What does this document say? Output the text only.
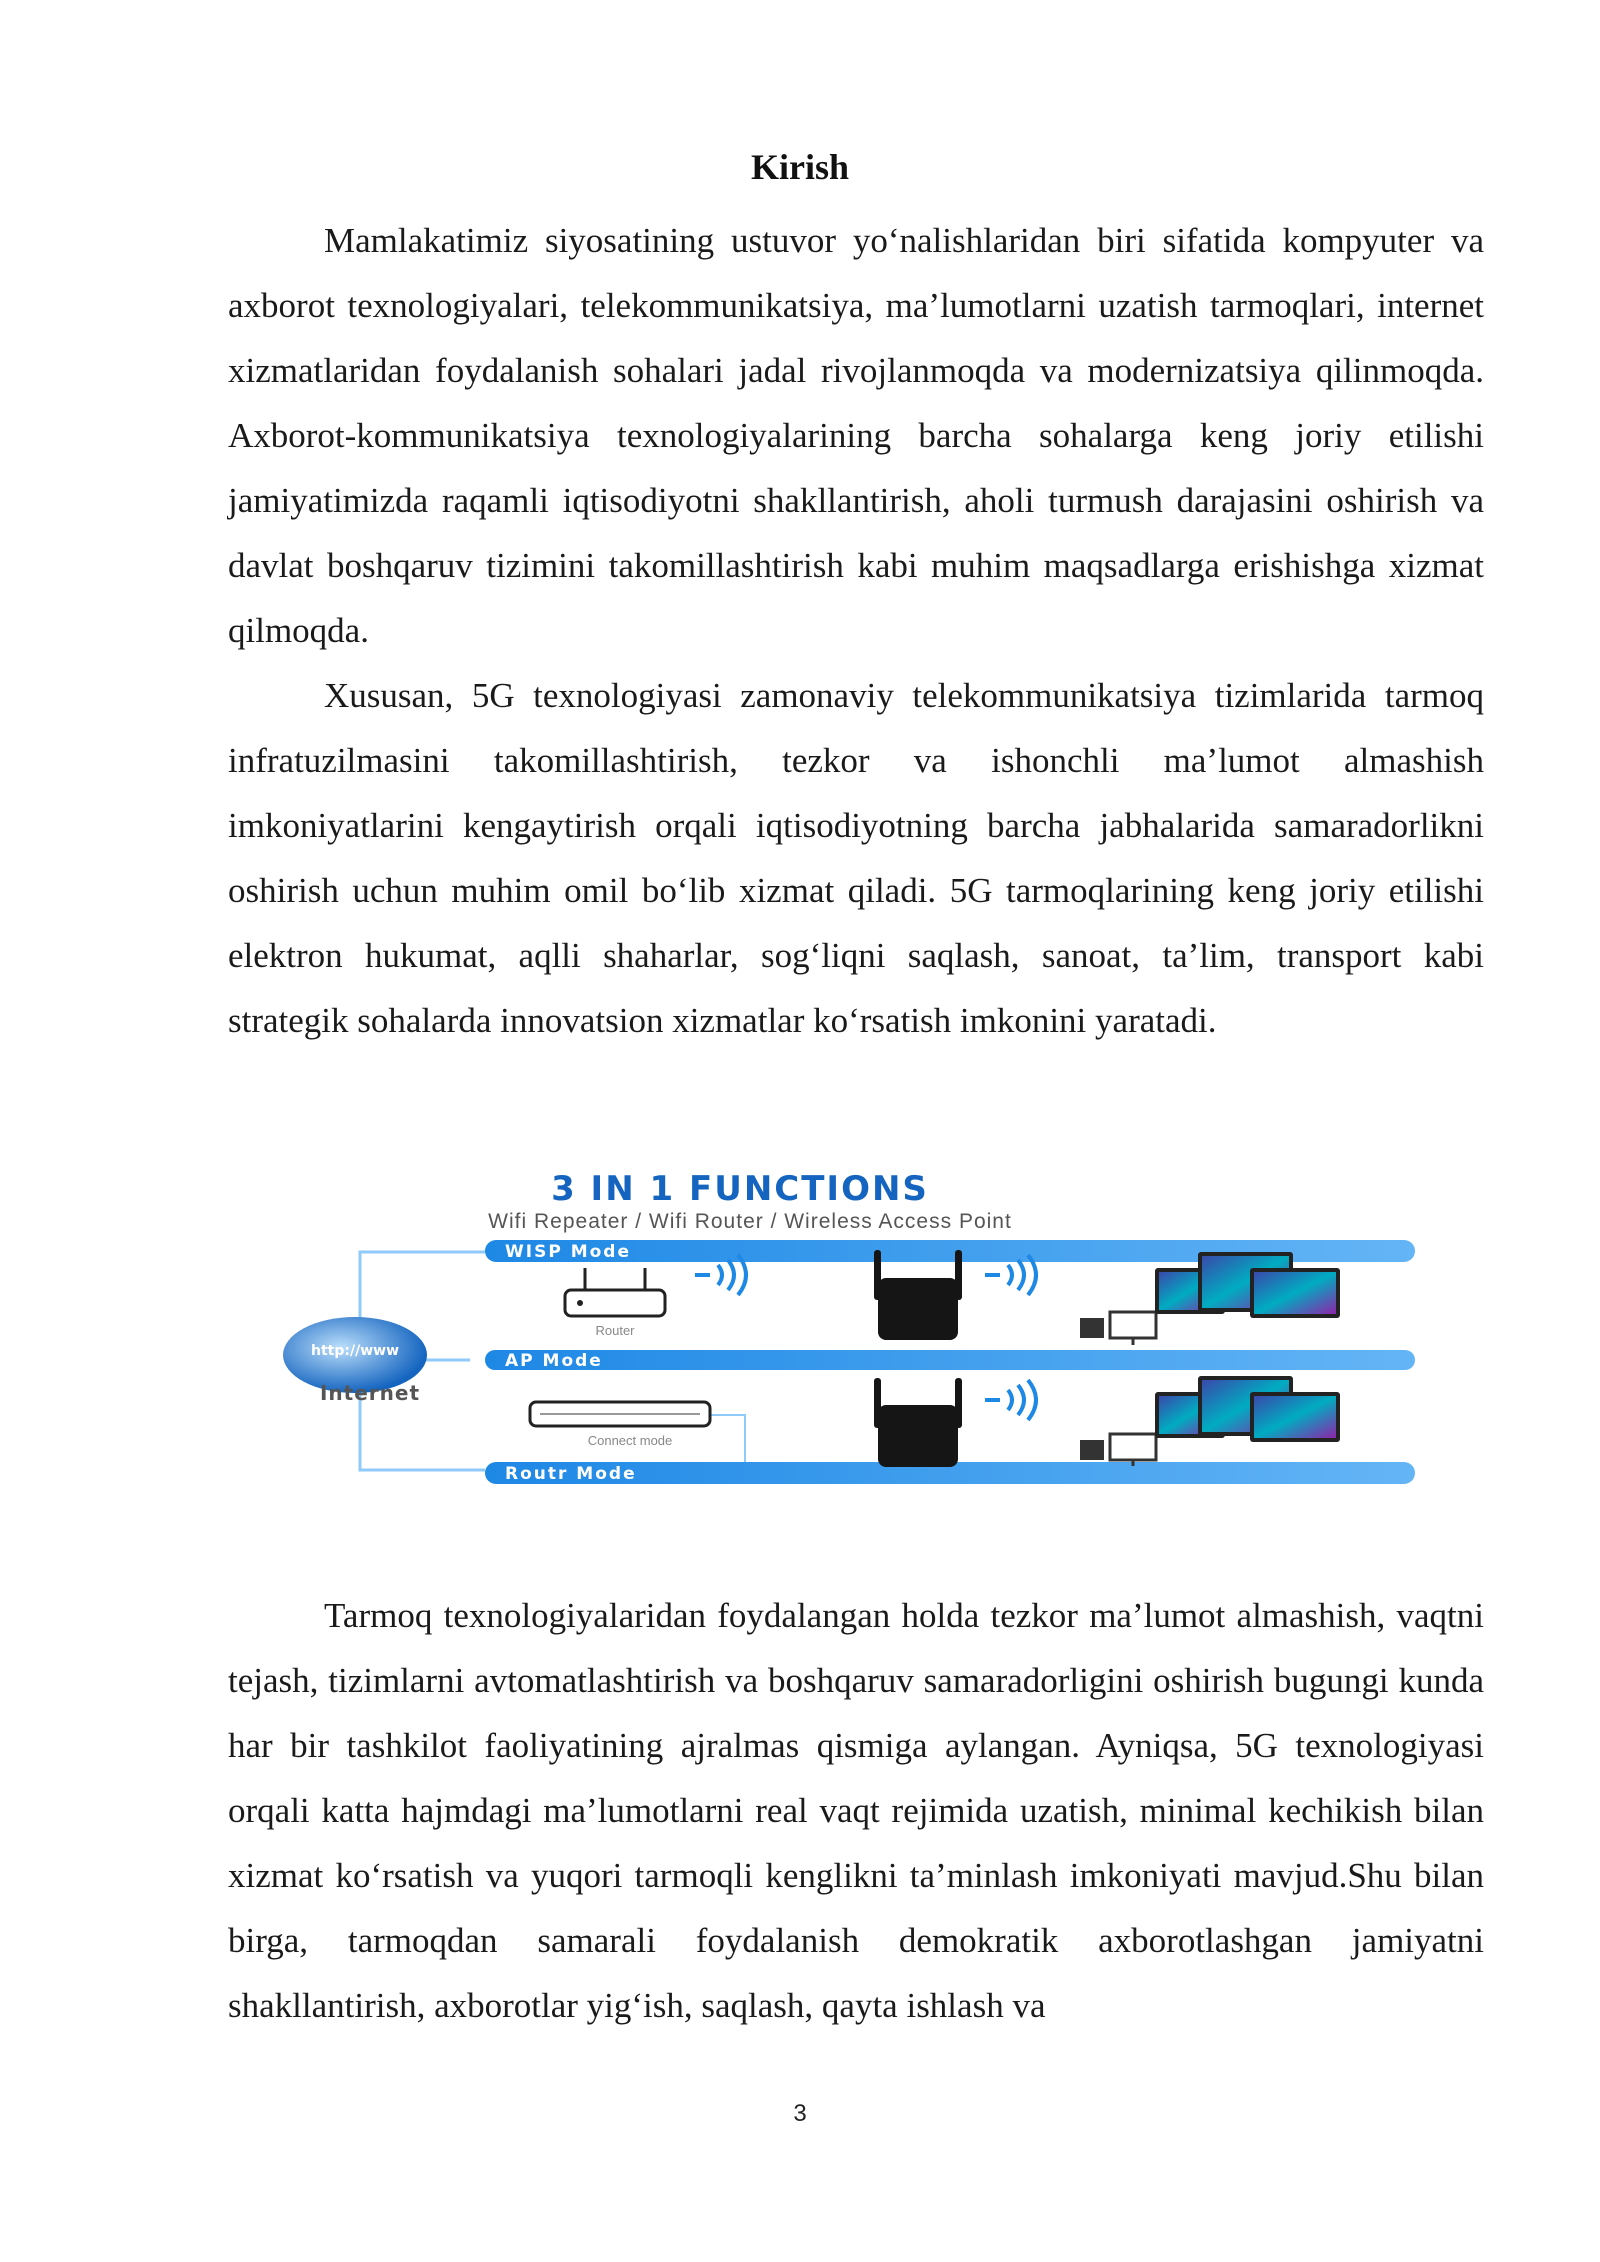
Kirish

Mamlakatimiz siyosatining ustuvor yo‘nalishlaridan biri sifatida kompyuter va axborot texnologiyalari, telekommunikatsiya, ma’lumotlarni uzatish tarmoqlari, internet xizmatlaridan foydalanish sohalari jadal rivojlanmoqda va modernizatsiya qilinmoqda. Axborot-kommunikatsiya texnologiyalarining barcha sohalarga keng joriy etilishi jamiyatimizda raqamli iqtisodiyotni shakllantirish, aholi turmush darajasini oshirish va davlat boshqaruv tizimini takomillashtirish kabi muhim maqsadlarga erishishga xizmat qilmoqda.

Xususan, 5G texnologiyasi zamonaviy telekommunikatsiya tizimlarida tarmoq infratuzilmasini takomillashtirish, tezkor va ishonchli ma’lumot almashish imkoniyatlarini kengaytirish orqali iqtisodiyotning barcha jabhalarida samaradorlikni oshirish uchun muhim omil bo‘lib xizmat qiladi. 5G tarmoqlarining keng joriy etilishi elektron hukumat, aqlli shaharlar, sog‘liqni saqlash, sanoat, ta’lim, transport kabi strategik sohalarda innovatsion xizmatlar ko‘rsatish imkonini yaratadi.

3 IN 1 FUNCTIONS
Wifi Repeater / Wifi Router / Wireless Access Point
WISP Mode
AP Mode
Routr Mode
http://www
Internet
Router
Connect mode

Tarmoq texnologiyalaridan foydalangan holda tezkor ma’lumot almashish, vaqtni tejash, tizimlarni avtomatlashtirish va boshqaruv samaradorligini oshirish bugungi kunda har bir tashkilot faoliyatining ajralmas qismiga aylangan. Ayniqsa, 5G texnologiyasi orqali katta hajmdagi ma’lumotlarni real vaqt rejimida uzatish, minimal kechikish bilan xizmat ko‘rsatish va yuqori tarmoqli kenglikni ta’minlash imkoniyati mavjud.Shu bilan birga, tarmoqdan samarali foydalanish demokratik axborotlashgan jamiyatni shakllantirish, axborotlar yig‘ish, saqlash, qayta ishlash va

3
